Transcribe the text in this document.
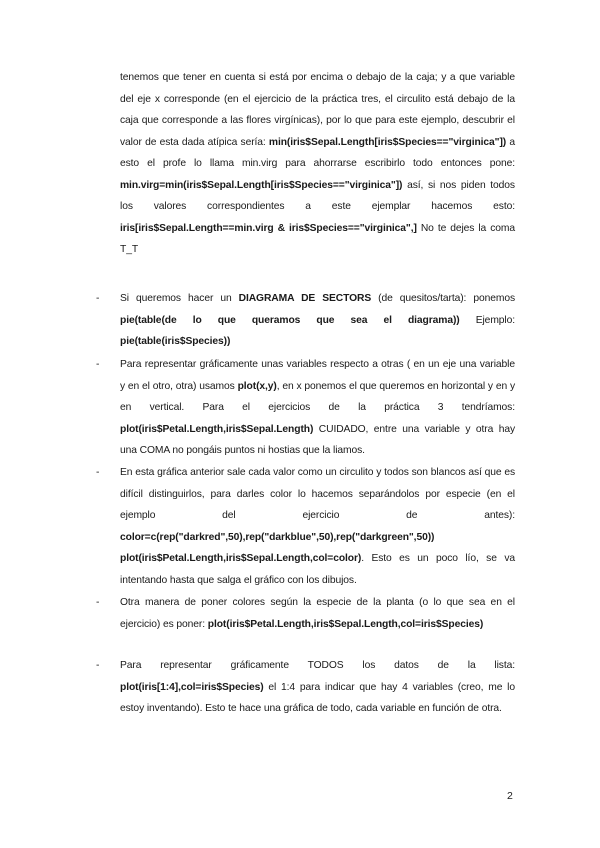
tenemos que tener en cuenta si está por encima o debajo de la caja; y a que variable del eje x corresponde (en el ejercicio de la práctica tres, el circulito está debajo de la caja que corresponde a las flores virgínicas), por lo que para este ejemplo, descubrir el valor de esta dada atípica sería: min(iris$Sepal.Length[iris$Species=="virginica"]) a esto el profe lo llama min.virg para ahorrarse escribirlo todo entonces pone: min.virg=min(iris$Sepal.Length[iris$Species=="virginica"]) así, si nos piden todos los valores correspondientes a este ejemplar hacemos esto: iris[iris$Sepal.Length==min.virg & iris$Species=="virginica",] No te dejes la coma T_T

- Si queremos hacer un DIAGRAMA DE SECTORS (de quesitos/tarta): ponemos pie(table(de lo que queramos que sea el diagrama)) Ejemplo: pie(table(iris$Species))

- Para representar gráficamente unas variables respecto a otras ( en un eje una variable y en el otro, otra) usamos plot(x,y), en x ponemos el que queremos en horizontal y en y en vertical. Para el ejercicios de la práctica 3 tendríamos: plot(iris$Petal.Length,iris$Sepal.Length) CUIDADO, entre una variable y otra hay una COMA no pongáis puntos ni hostias que la liamos.

- En esta gráfica anterior sale cada valor como un circulito y todos son blancos así que es difícil distinguirlos, para darles color lo hacemos separándolos por especie (en el ejemplo del ejercicio de antes): color=c(rep("darkred",50),rep("darkblue",50),rep("darkgreen",50)) plot(iris$Petal.Length,iris$Sepal.Length,col=color). Esto es un poco lío, se va intentando hasta que salga el gráfico con los dibujos.

- Otra manera de poner colores según la especie de la planta (o lo que sea en el ejercicio) es poner: plot(iris$Petal.Length,iris$Sepal.Length,col=iris$Species)

- Para representar gráficamente TODOS los datos de la lista: plot(iris[1:4],col=iris$Species) el 1:4 para indicar que hay 4 variables (creo, me lo estoy inventando). Esto te hace una gráfica de todo, cada variable en función de otra.

2
